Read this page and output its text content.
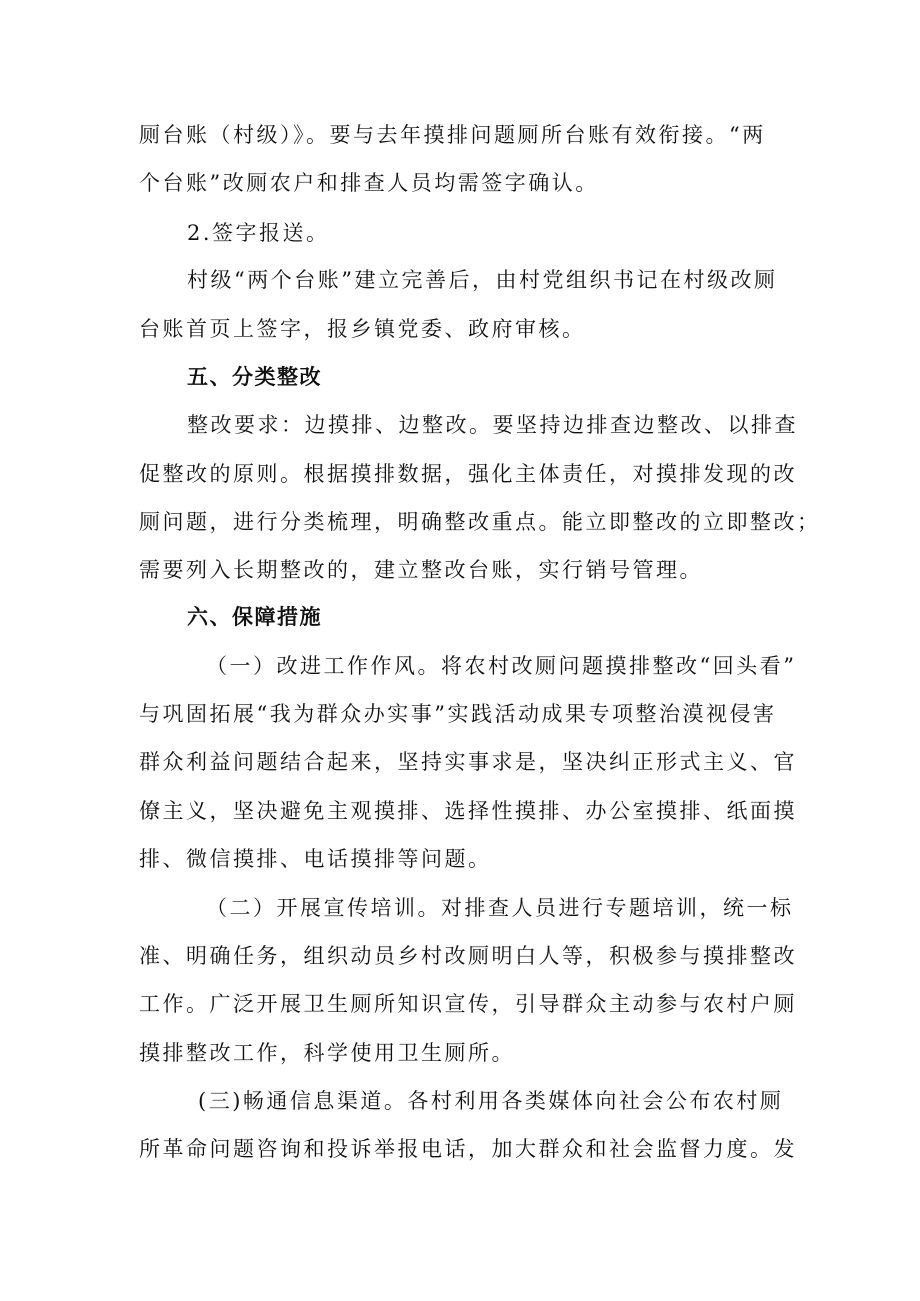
厕台账（村级）》。要与去年摸排问题厕所台账有效衔接。“两
个台账”改厕农户和排查人员均需签字确认。
2.签字报送。
村级“两个台账”建立完善后，由村党组织书记在村级改厕
台账首页上签字，报乡镇党委、政府审核。
五、分类整改
整改要求：边摸排、边整改。要坚持边排查边整改、以排查
促整改的原则。根据摸排数据，强化主体责任，对摸排发现的改
厕问题，进行分类梳理，明确整改重点。能立即整改的立即整改；
需要列入长期整改的，建立整改台账，实行销号管理。
六、保障措施
（一）改进工作作风。将农村改厕问题摸排整改“回头看”
与巩固拓展“我为群众办实事”实践活动成果专项整治漠视侵害
群众利益问题结合起来，坚持实事求是，坚决纠正形式主义、官
僚主义，坚决避免主观摸排、选择性摸排、办公室摸排、纸面摸
排、微信摸排、电话摸排等问题。
（二）开展宣传培训。对排查人员进行专题培训，统一标
准、明确任务，组织动员乡村改厕明白人等，积极参与摸排整改
工作。广泛开展卫生厕所知识宣传，引导群众主动参与农村户厕
摸排整改工作，科学使用卫生厕所。
(三)畅通信息渠道。各村利用各类媒体向社会公布农村厕
所革命问题咨询和投诉举报电话，加大群众和社会监督力度。发
